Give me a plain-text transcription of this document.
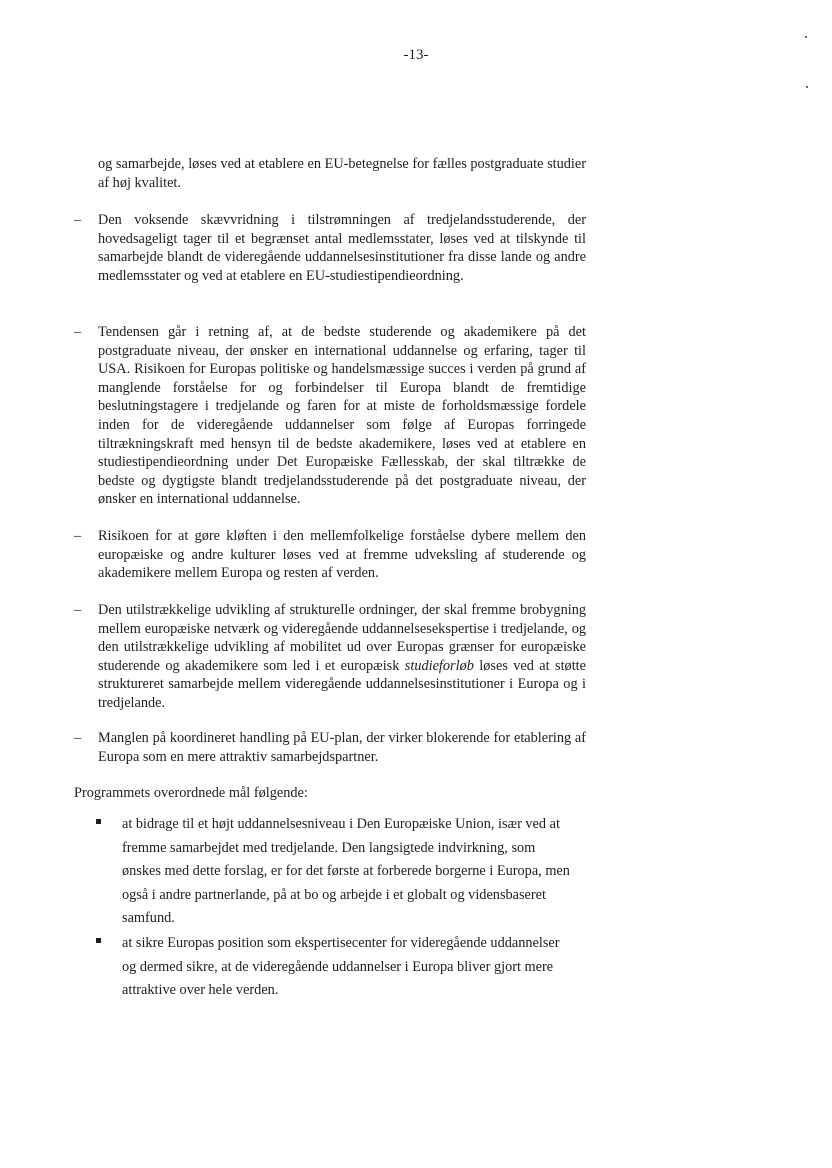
-13-

og samarbejde, løses ved at etablere en EU-betegnelse for fælles postgraduate studier af høj kvalitet.

– Den voksende skævvridning i tilstrømningen af tredjelandsstuderende, der hovedsageligt tager til et begrænset antal medlemsstater, løses ved at tilskynde til samarbejde blandt de videregående uddannelsesinstitutioner fra disse lande og andre medlemsstater og ved at etablere en EU-studiestipendieordning.

– Tendensen går i retning af, at de bedste studerende og akademikere på det postgraduate niveau, der ønsker en international uddannelse og erfaring, tager til USA. Risikoen for Europas politiske og handelsmæssige succes i verden på grund af manglende forståelse for og forbindelser til Europa blandt de fremtidige beslutningstagere i tredjelande og faren for at miste de forholdsmæssige fordele inden for de videregående uddannelser som følge af Europas forringede tiltrækningskraft med hensyn til de bedste akademikere, løses ved at etablere en studiestipendieordning under Det Europæiske Fællesskab, der skal tiltrække de bedste og dygtigste blandt tredjelandsstuderende på det postgraduate niveau, der ønsker en international uddannelse.

– Risikoen for at gøre kløften i den mellemfolkelige forståelse dybere mellem den europæiske og andre kulturer løses ved at fremme udveksling af studerende og akademikere mellem Europa og resten af verden.

– Den utilstrækkelige udvikling af strukturelle ordninger, der skal fremme brobygning mellem europæiske netværk og videregående uddannelsesekspertise i tredjelande, og den utilstrækkelige udvikling af mobilitet ud over Europas grænser for europæiske studerende og akademikere som led i et europæisk studieforløb løses ved at støtte struktureret samarbejde mellem videregående uddannelsesinstitutioner i Europa og i tredjelande.

– Manglen på koordineret handling på EU-plan, der virker blokerende for etablering af Europa som en mere attraktiv samarbejdspartner.

Programmets overordnede mål følgende:

at bidrage til et højt uddannelsesniveau i Den Europæiske Union, især ved at fremme samarbejdet med tredjelande. Den langsigtede indvirkning, som ønskes med dette forslag, er for det første at forberede borgerne i Europa, men også i andre partnerlande, på at bo og arbejde i et globalt og vidensbaseret samfund.

at sikre Europas position som ekspertisecenter for videregående uddannelser og dermed sikre, at de videregående uddannelser i Europa bliver gjort mere attraktive over hele verden.
